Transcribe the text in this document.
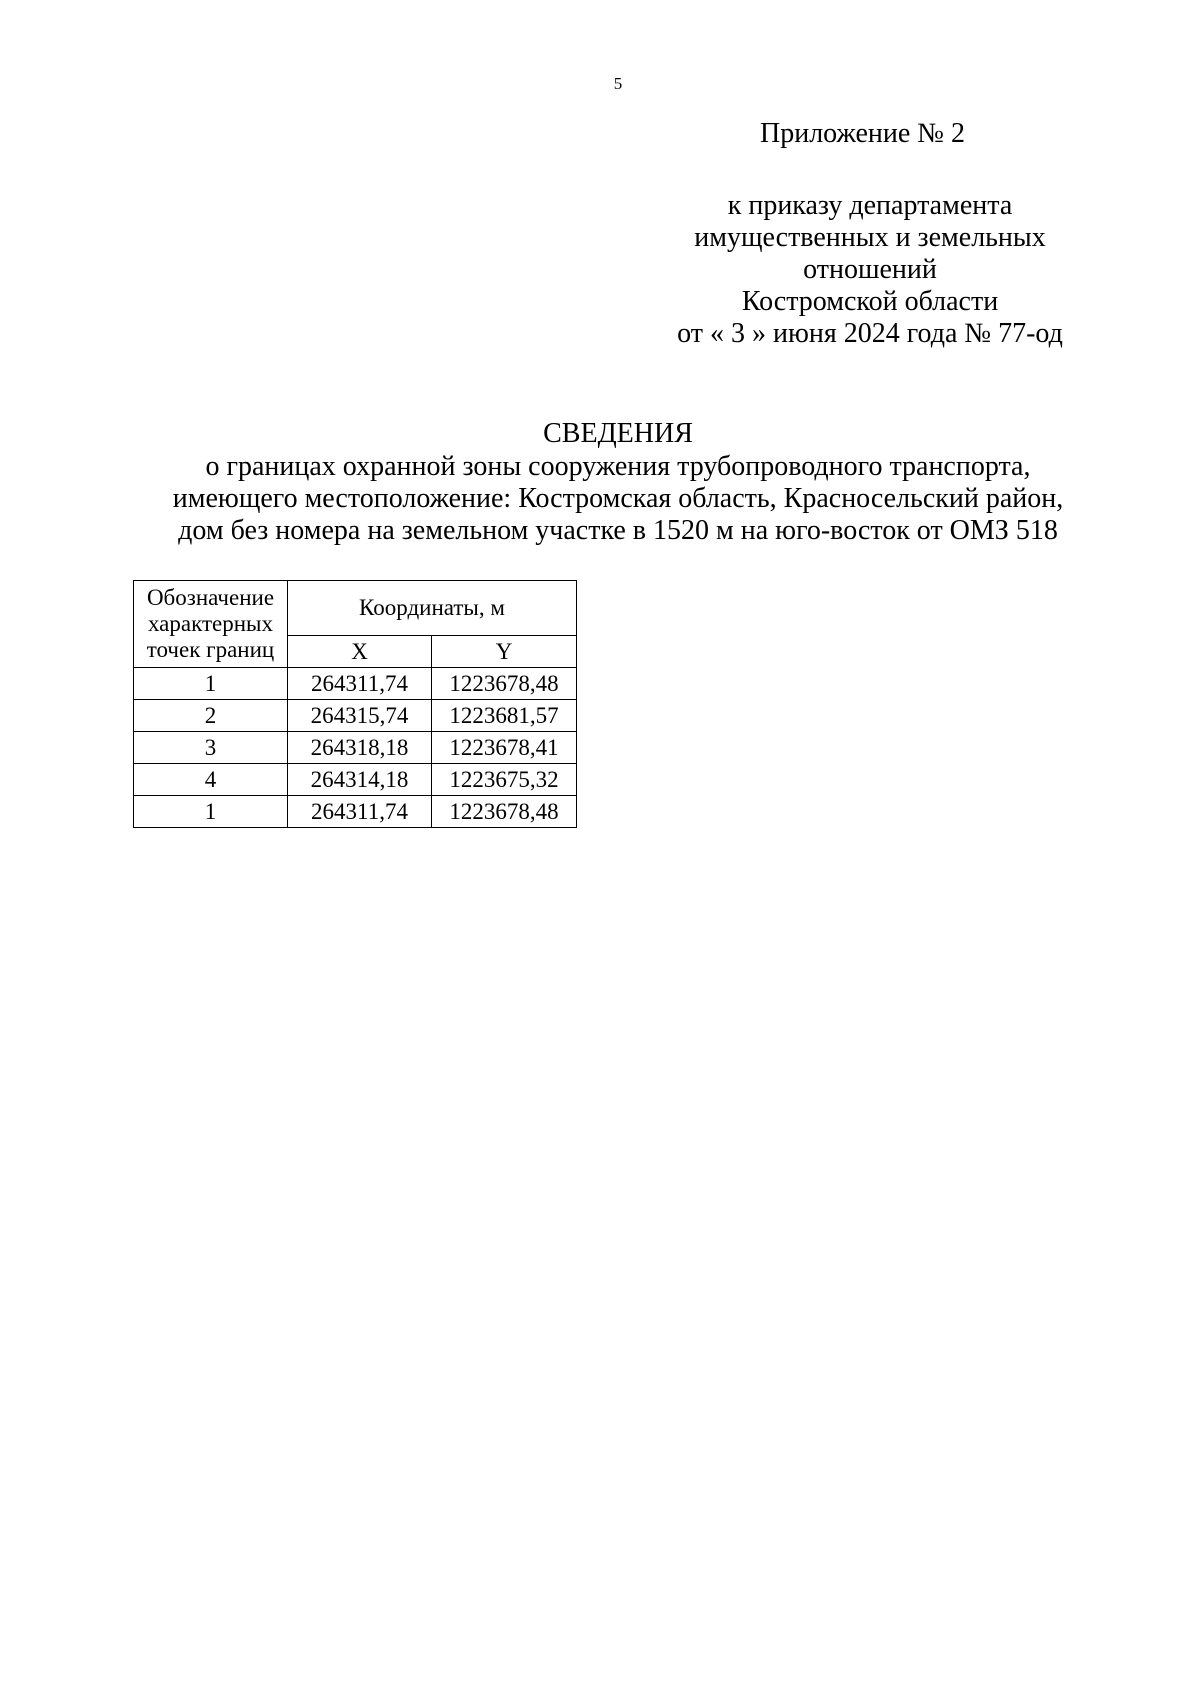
5
Приложение № 2
к приказу департамента
имущественных и земельных
отношений
Костромской области
от « 3 » июня 2024 года № 77-од
СВЕДЕНИЯ
о границах охранной зоны сооружения трубопроводного транспорта,
имеющего местоположение: Костромская область, Красносельский район,
дом без номера на земельном участке в 1520 м на юго-восток от ОМЗ 518
Обозначение
характерных
точек границ	Координаты, м	
	X	Y
1	264311,74	1223678,48
2	264315,74	1223681,57
3	264318,18	1223678,41
4	264314,18	1223675,32
1	264311,74	1223678,48
